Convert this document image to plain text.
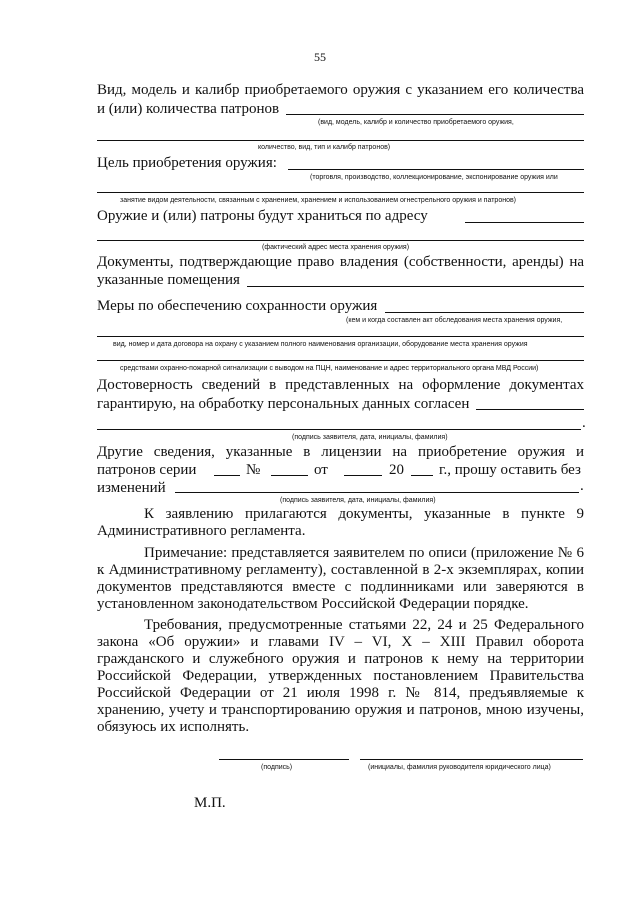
55
Вид, модель и калибр приобретаемого оружия с указанием его количества
и (или) количества патронов
(вид, модель, калибр и количество приобретаемого оружия,
количество, вид, тип и калибр патронов)
Цель приобретения оружия:
(торговля, производство, коллекционирование, экспонирование оружия или
занятие видом деятельности, связанным с хранением, хранением и использованием огнестрельного оружия и патронов)
Оружие и (или) патроны будут храниться по адресу
(фактический адрес места хранения оружия)
Документы, подтверждающие право владения (собственности, аренды) на
указанные помещения
Меры по обеспечению сохранности оружия
(кем и когда составлен акт обследования места хранения оружия,
вид, номер и дата договора на охрану с указанием полного наименования организации, оборудование места хранения оружия
средствами охранно-пожарной сигнализации с выводом на ПЦН, наименование и адрес территориального органа МВД России)
Достоверность сведений в представленных на оформление документах
гарантирую, на обработку персональных данных согласен
.
(подпись заявителя, дата, инициалы, фамилия)
Другие сведения, указанные в лицензии на приобретение оружия и
патронов серии	№	от	20 г., прошу оставить без
изменений	.
(подпись заявителя, дата, инициалы, фамилия)

К заявлению прилагаются документы, указанные в пункте 9 Административного регламента.

Примечание: представляется заявителем по описи (приложение № 6 к Административному регламенту), составленной в 2-х экземплярах, копии документов представляются вместе с подлинниками или заверяются в установленном законодательством Российской Федерации порядке.

Требования, предусмотренные статьями 22, 24 и 25 Федерального закона «Об оружии» и главами IV – VI, X – XIII Правил оборота гражданского и служебного оружия и патронов к нему на территории Российской Федерации, утвержденных постановлением Правительства Российской Федерации от 21 июля 1998 г. № 814, предъявляемые к хранению, учету и транспортированию оружия и патронов, мною изучены, обязуюсь их исполнять.

(подпись)	(инициалы, фамилия руководителя юридического лица)
М.П.
